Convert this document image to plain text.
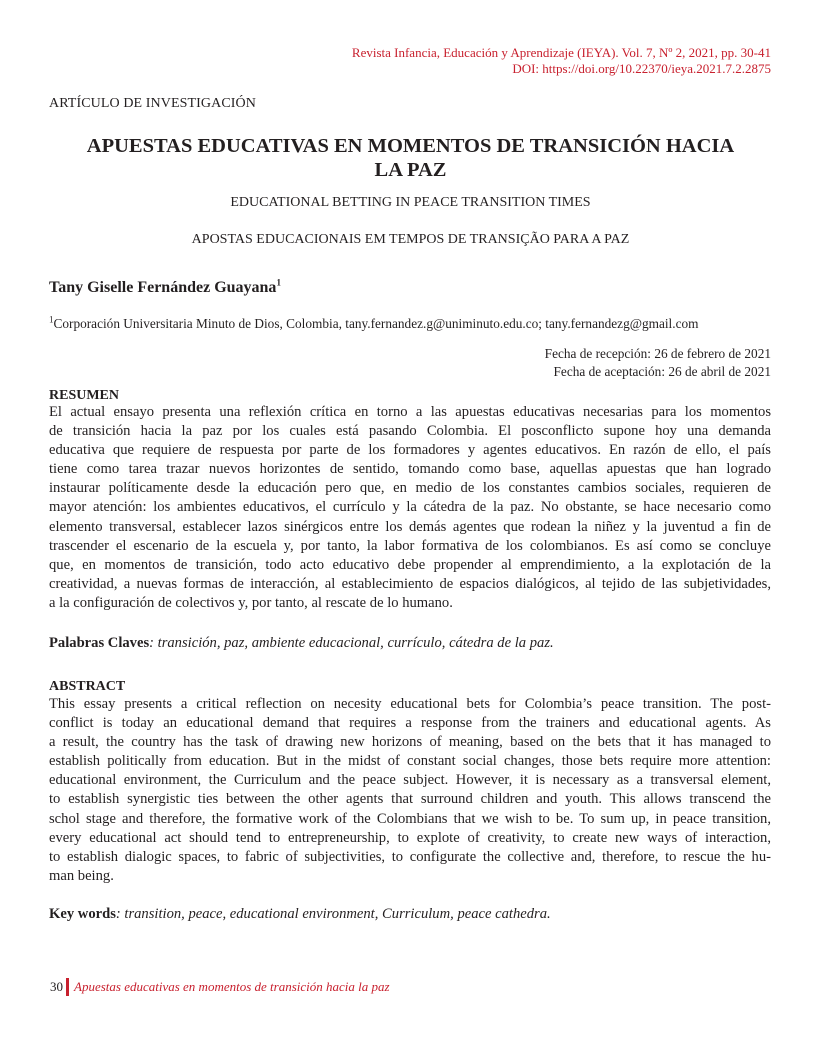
Revista Infancia, Educación y Aprendizaje (IEYA). Vol. 7, Nº 2, 2021, pp. 30-41
DOI: https://doi.org/10.22370/ieya.2021.7.2.2875
ARTÍCULO DE INVESTIGACIÓN
APUESTAS EDUCATIVAS EN MOMENTOS DE TRANSICIÓN HACIA
LA PAZ
EDUCATIONAL BETTING IN PEACE TRANSITION TIMES
APOSTAS EDUCACIONAIS EM TEMPOS DE TRANSIÇÃO PARA A PAZ
Tany Giselle Fernández Guayana$^1$
$^1$Corporación Universitaria Minuto de Dios, Colombia, tany.fernandez.g@uniminuto.edu.co; tany.fernandezg@gmail.com
Fecha de recepción: 26 de febrero de 2021
Fecha de aceptación: 26 de abril de 2021
RESUMEN
El actual ensayo presenta una reflexión crítica en torno a las apuestas educativas necesarias para los momentos
de transición hacia la paz por los cuales está pasando Colombia. El posconflicto supone hoy una demanda
educativa que requiere de respuesta por parte de los formadores y agentes educativos. En razón de ello, el país
tiene como tarea trazar nuevos horizontes de sentido, tomando como base, aquellas apuestas que han logrado
instaurar políticamente desde la educación pero que, en medio de los constantes cambios sociales, requieren de
mayor atención: los ambientes educativos, el currículo y la cátedra de la paz. No obstante, se hace necesario como
elemento transversal, establecer lazos sinérgicos entre los demás agentes que rodean la niñez y la juventud a fin de
trascender el escenario de la escuela y, por tanto, la labor formativa de los colombianos. Es así como se concluye
que, en momentos de transición, todo acto educativo debe propender al emprendimiento, a la explotación de la
creatividad, a nuevas formas de interacción, al establecimiento de espacios dialógicos, al tejido de las subjetividades,
a la configuración de colectivos y, por tanto, al rescate de lo humano.
Palabras Claves: transición, paz, ambiente educacional, currículo, cátedra de la paz.
ABSTRACT
This essay presents a critical reflection on necesity educational bets for Colombia’s peace transition. The post-
conflict is today an educational demand that requires a response from the trainers and educational agents. As
a result, the country has the task of drawing new horizons of meaning, based on the bets that it has managed to
establish politically from education. But in the midst of constant social changes, those bets require more attention:
educational environment, the Curriculum and the peace subject. However, it is necessary as a transversal element,
to establish synergistic ties between the other agents that surround children and youth. This allows transcend the
schol stage and therefore, the formative work of the Colombians that we wish to be. To sum up, in peace transition,
every educational act should tend to entrepreneurship, to explote of creativity, to create new ways of interaction,
to establish dialogic spaces, to fabric of subjectivities, to configurate the collective and, therefore, to rescue the hu-
man being.
Key words: transition, peace, educational environment, Curriculum, peace cathedra.
30 Apuestas educativas en momentos de transición hacia la paz
